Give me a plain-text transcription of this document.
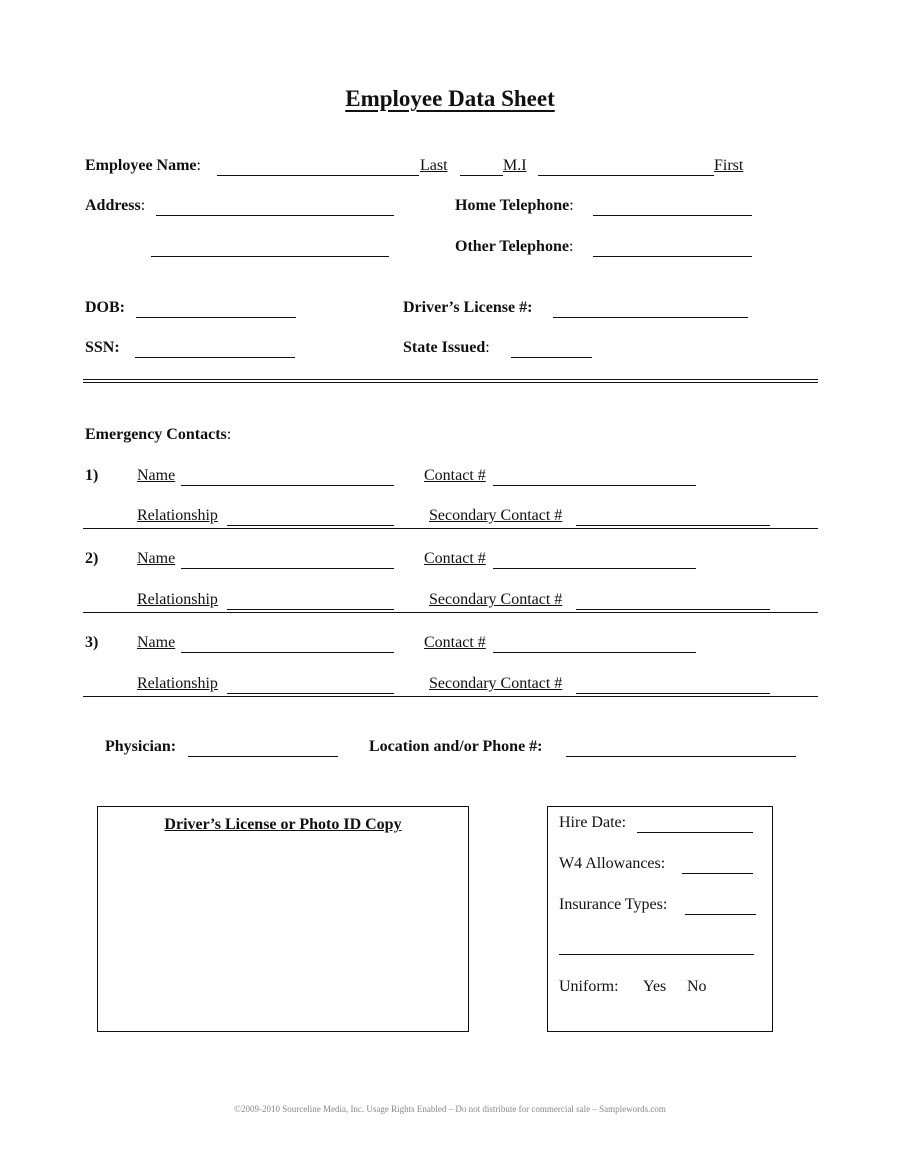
Employee Data Sheet
Employee Name:	Last	M.I	First
Address:	Home Telephone:
Other Telephone:
DOB:	Driver’s License #:
SSN:	State Issued:
Emergency Contacts:
1) Name	Contact #
Relationship	Secondary Contact #
2) Name	Contact #
Relationship	Secondary Contact #
3) Name	Contact #
Relationship	Secondary Contact #
Physician:	Location and/or Phone #:
Driver’s License or Photo ID Copy	Hire Date:
W4 Allowances:
Insurance Types:
Uniform: Yes No
©2009-2010 Sourceline Media, Inc. Usage Rights Enabled – Do not distribute for commercial sale – Samplewords.com
